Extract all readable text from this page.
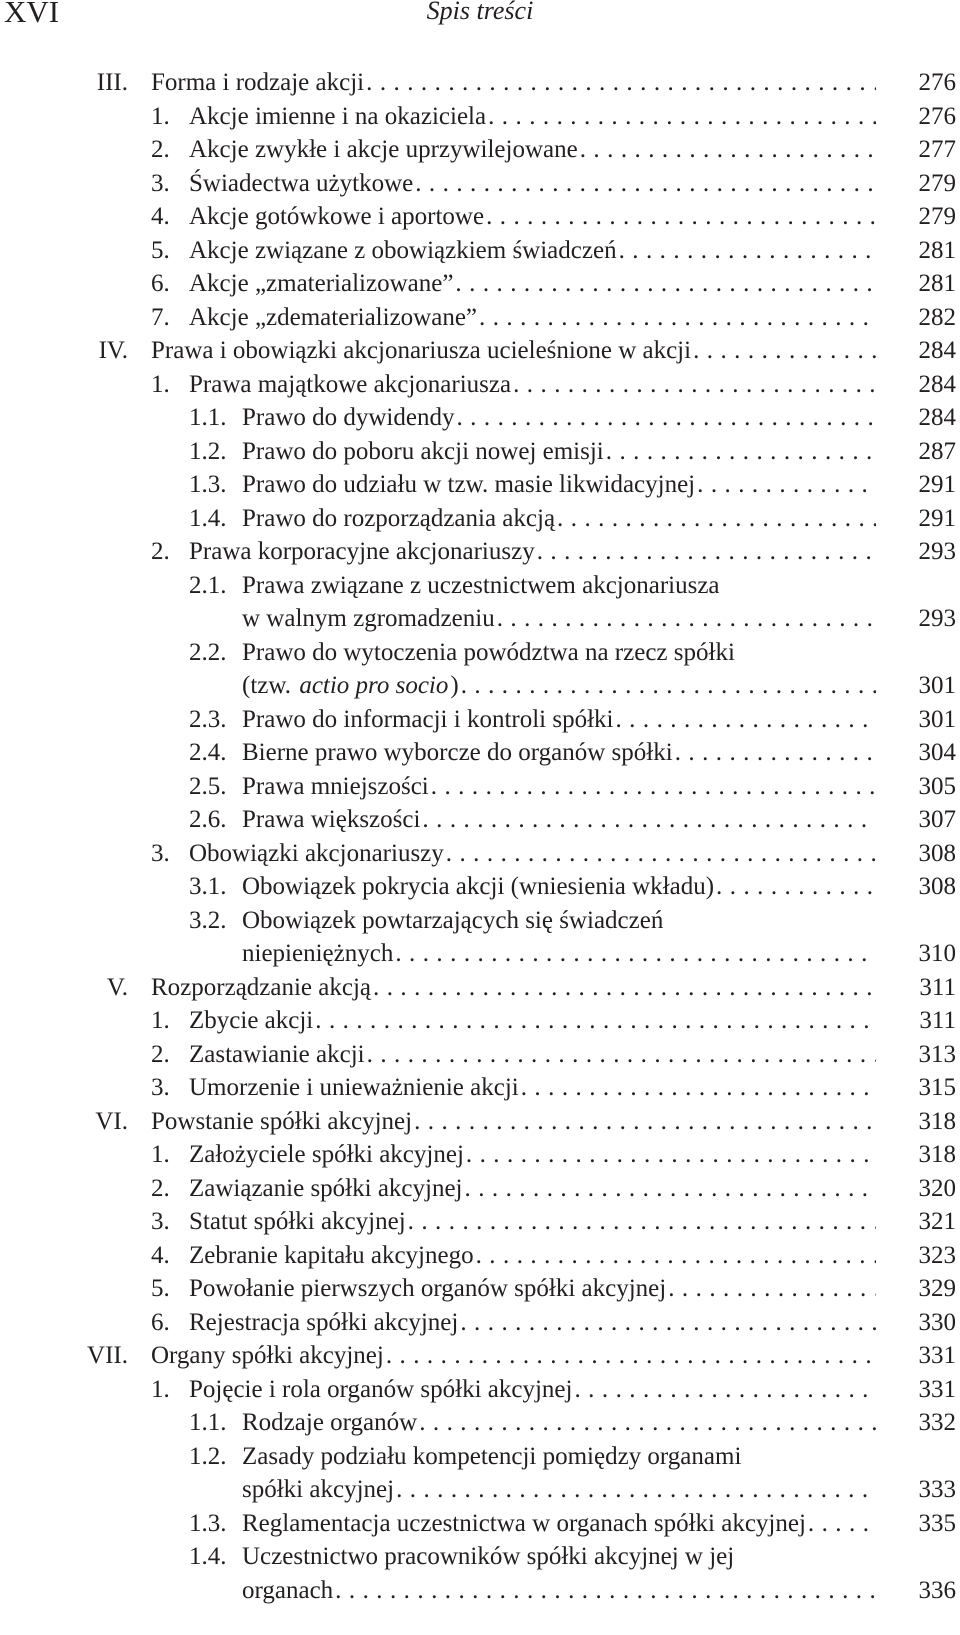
XVI	Spis treści
III. Forma i rodzaje akcji . . .	276
1. Akcje imienne i na okaziciela . . .	276
2. Akcje zwykłe i akcje uprzywilejowane . . .	277
3. Świadectwa użytkowe . . .	279
4. Akcje gotówkowe i aportowe . . .	279
5. Akcje związane z obowiązkiem świadczeń . . .	281
6. Akcje „zmaterializowane” . . .	281
7. Akcje „zdematerializowane” . . .	282
IV. Prawa i obowiązki akcjonariusza ucieleśnione w akcji . . .	284
1. Prawa majątkowe akcjonariusza . . .	284
1.1. Prawo do dywidendy . . .	284
1.2. Prawo do poboru akcji nowej emisji . . .	287
1.3. Prawo do udziału w tzw. masie likwidacyjnej . . .	291
1.4. Prawo do rozporządzania akcją . . .	291
2. Prawa korporacyjne akcjonariuszy . . .	293
2.1. Prawa związane z uczestnictwem akcjonariusza
w walnym zgromadzeniu . . .	293
2.2. Prawo do wytoczenia powództwa na rzecz spółki
(tzw. actio pro socio) . . .	301
2.3. Prawo do informacji i kontroli spółki . . .	301
2.4. Bierne prawo wyborcze do organów spółki . . .	304
2.5. Prawa mniejszości . . .	305
2.6. Prawa większości . . .	307
3. Obowiązki akcjonariuszy . . .	308
3.1. Obowiązek pokrycia akcji (wniesienia wkładu) . . .	308
3.2. Obowiązek powtarzających się świadczeń
niepieniężnych . . .	310
V. Rozporządzanie akcją . . .	311
1. Zbycie akcji . . .	311
2. Zastawianie akcji . . .	313
3. Umorzenie i unieważnienie akcji . . .	315
VI. Powstanie spółki akcyjnej . . .	318
1. Założyciele spółki akcyjnej . . .	318
2. Zawiązanie spółki akcyjnej . . .	320
3. Statut spółki akcyjnej . . .	321
4. Zebranie kapitału akcyjnego . . .	323
5. Powołanie pierwszych organów spółki akcyjnej . . .	329
6. Rejestracja spółki akcyjnej . . .	330
VII. Organy spółki akcyjnej . . .	331
1. Pojęcie i rola organów spółki akcyjnej . . .	331
1.1. Rodzaje organów . . .	332
1.2. Zasady podziału kompetencji pomiędzy organami
spółki akcyjnej . . .	333
1.3. Reglamentacja uczestnictwa w organach spółki akcyjnej . . .	335
1.4. Uczestnictwo pracowników spółki akcyjnej w jej
organach . . .	336
